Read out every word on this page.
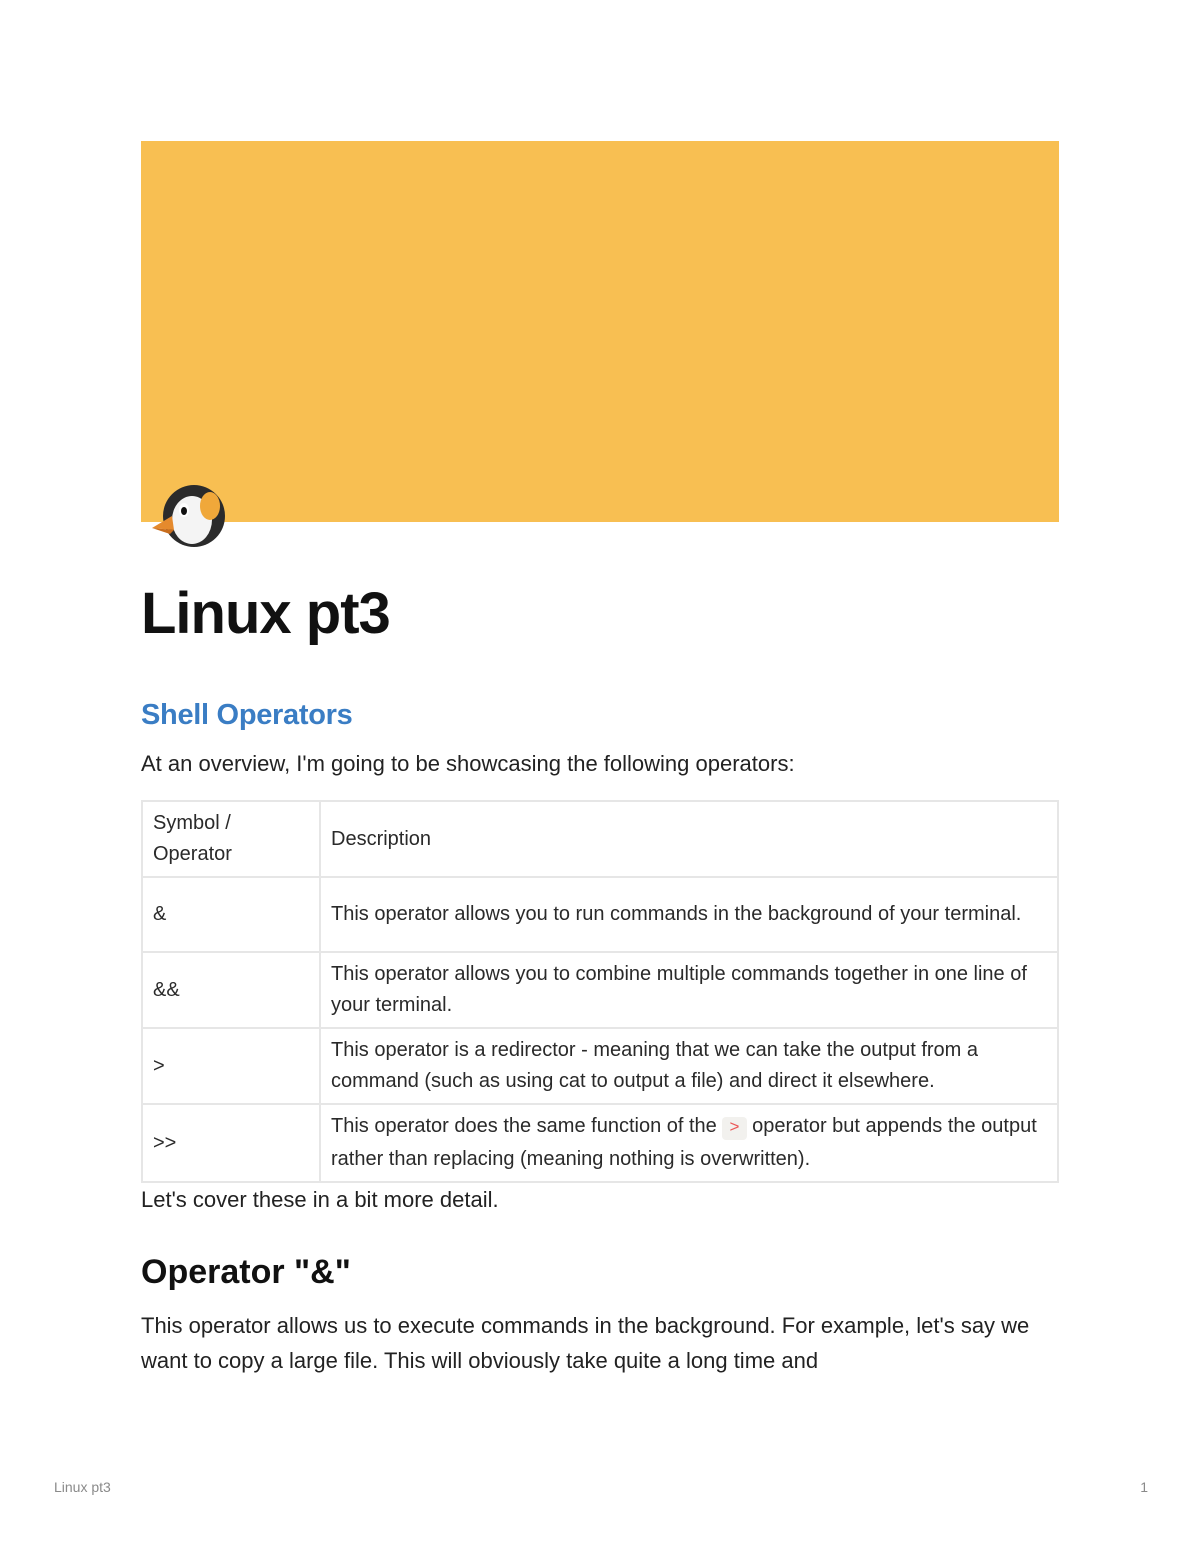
Linux pt3
Shell Operators

At an overview, I'm going to be showcasing the following operators:

Symbol / Operator	Description
&	This operator allows you to run commands in the background of your terminal.
&&	This operator allows you to combine multiple commands together in one line of your terminal.
>	This operator is a redirector - meaning that we can take the output from a command (such as using cat to output a file) and direct it elsewhere.
>>	This operator does the same function of the > operator but appends the output rather than replacing (meaning nothing is overwritten).

Let's cover these in a bit more detail.

Operator "&"

This operator allows us to execute commands in the background. For example, let's say we want to copy a large file. This will obviously take quite a long time and

Linux pt3	1
